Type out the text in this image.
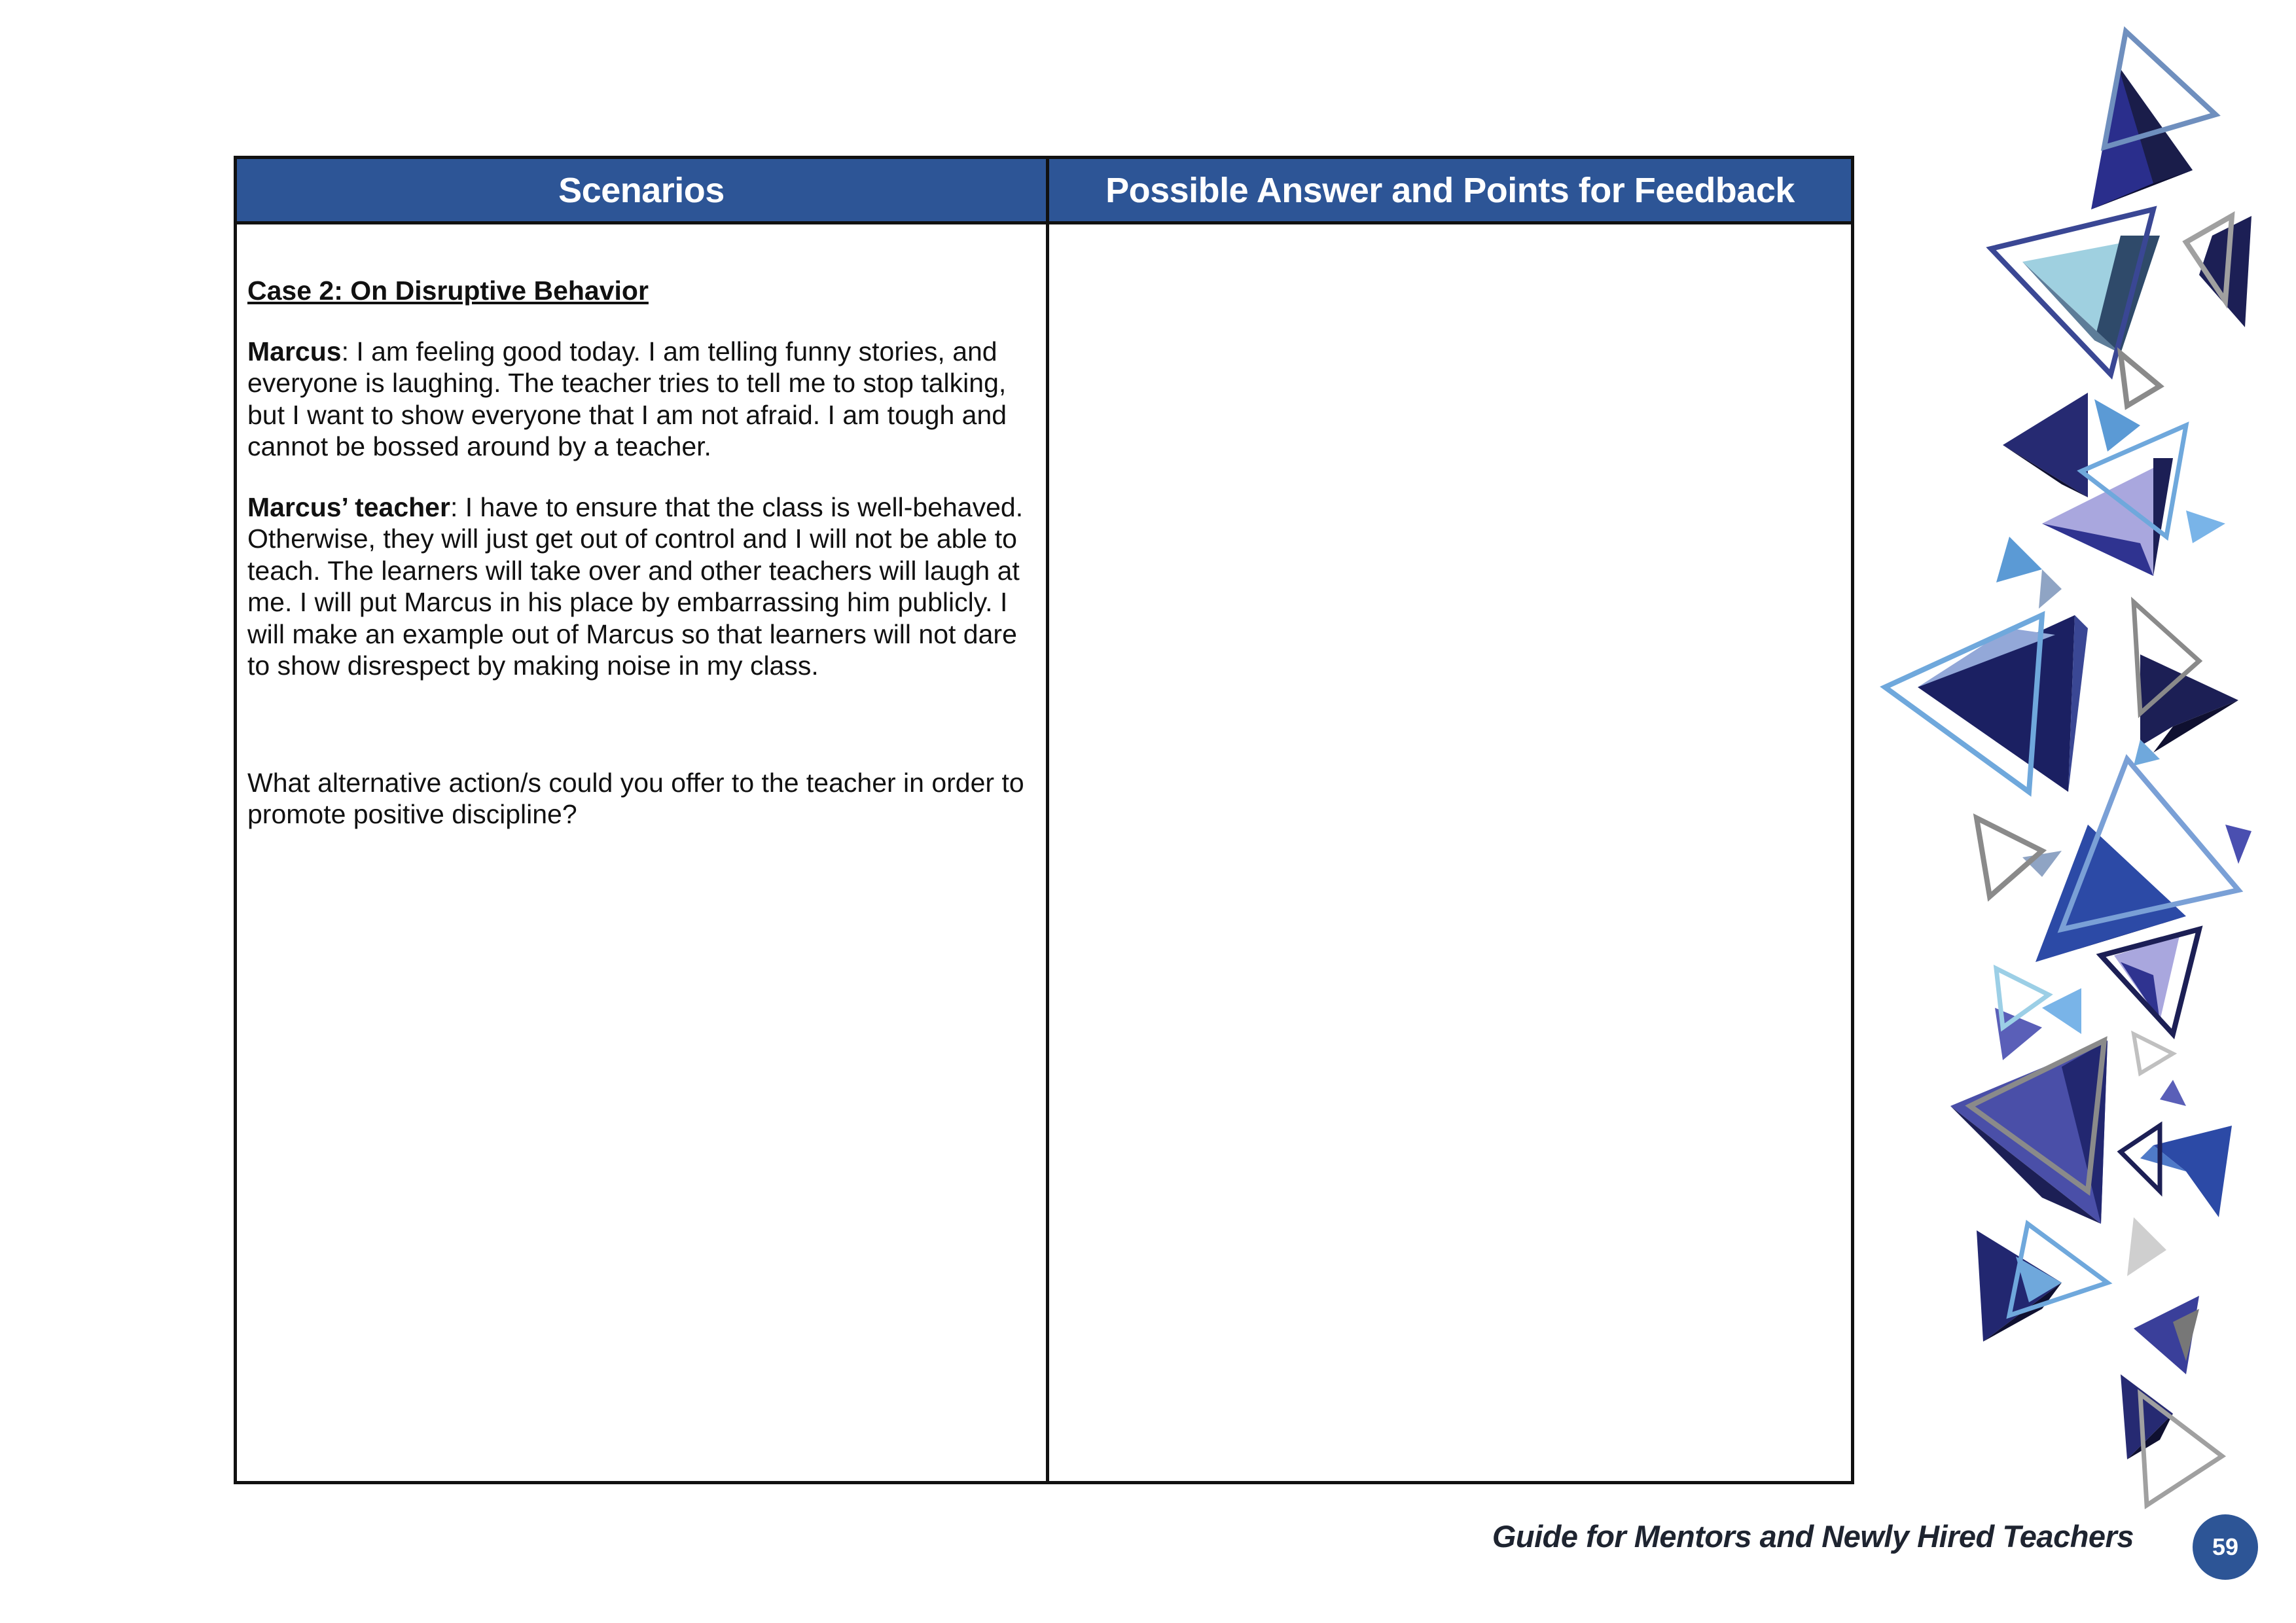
Scenarios	Possible Answer and Points for Feedback

Case 2: On Disruptive Behavior

Marcus: I am feeling good today. I am telling funny stories, and everyone is laughing. The teacher tries to tell me to stop talking, but I want to show everyone that I am not afraid. I am tough and cannot be bossed around by a teacher.

Marcus’ teacher: I have to ensure that the class is well-behaved. Otherwise, they will just get out of control and I will not be able to teach. The learners will take over and other teachers will laugh at me. I will put Marcus in his place by embarrassing him publicly. I will make an example out of Marcus so that learners will not dare to show disrespect by making noise in my class.

What alternative action/s could you offer to the teacher in order to promote positive discipline?

Guide for Mentors and Newly Hired Teachers	59
